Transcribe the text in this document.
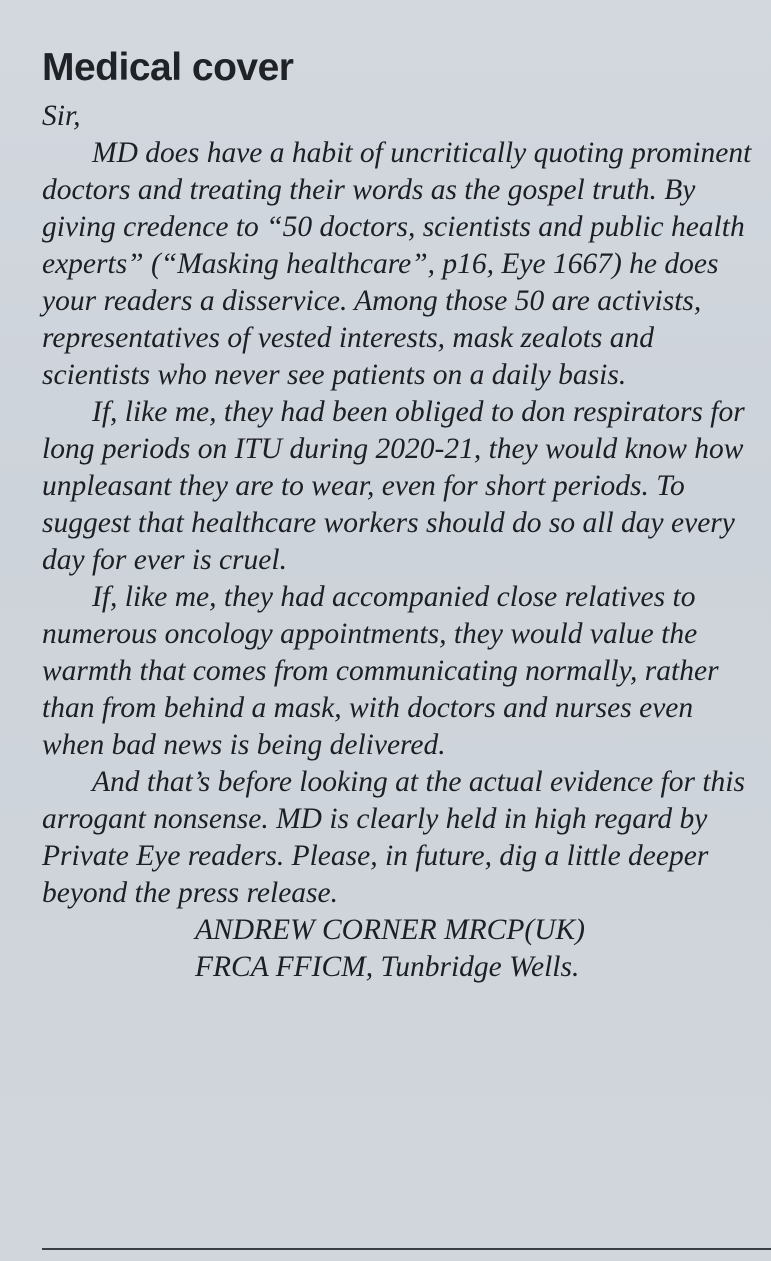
Medical cover

Sir,

MD does have a habit of uncritically quoting prominent doctors and treating their words as the gospel truth. By giving credence to “50 doctors, scientists and public health experts” (“Masking healthcare”, p16, Eye 1667) he does your readers a disservice. Among those 50 are activists, representatives of vested interests, mask zealots and scientists who never see patients on a daily basis.

If, like me, they had been obliged to don respirators for long periods on ITU during 2020-21, they would know how unpleasant they are to wear, even for short periods. To suggest that healthcare workers should do so all day every day for ever is cruel.

If, like me, they had accompanied close relatives to numerous oncology appointments, they would value the warmth that comes from communicating normally, rather than from behind a mask, with doctors and nurses even when bad news is being delivered.

And that’s before looking at the actual evidence for this arrogant nonsense. MD is clearly held in high regard by Private Eye readers. Please, in future, dig a little deeper beyond the press release.

ANDREW CORNER MRCP(UK)
FRCA FFICM, Tunbridge Wells.
